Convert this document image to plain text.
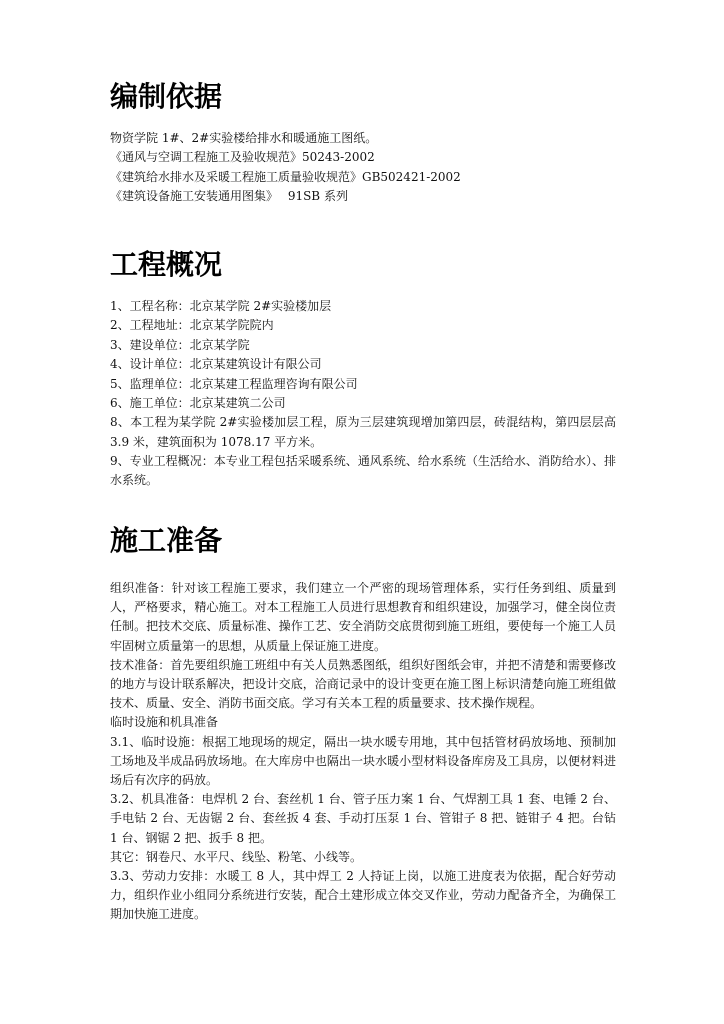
编制依据
物资学院 1#、2#实验楼给排水和暖通施工图纸。
《通风与空调工程施工及验收规范》50243-2002
《建筑给水排水及采暖工程施工质量验收规范》GB502421-2002
《建筑设备施工安装通用图集》　 91SB 系列
工程概况
1、工程名称：北京某学院 2#实验楼加层
2、工程地址：北京某学院院内
3、建设单位：北京某学院
4、设计单位：北京某建筑设计有限公司
5、监理单位：北京某建工程监理咨询有限公司
6、施工单位：北京某建筑二公司
8、本工程为某学院 2#实验楼加层工程，原为三层建筑现增加第四层，砖混结构，第四层层高 3.9 米，建筑面积为 1078.17 平方米。
9、专业工程概况：本专业工程包括采暖系统、通风系统、给水系统（生活给水、消防给水）、排水系统。
施工准备
组织准备：针对该工程施工要求，我们建立一个严密的现场管理体系，实行任务到组、质量到人，严格要求，精心施工。对本工程施工人员进行思想教育和组织建设，加强学习，健全岗位责任制。把技术交底、质量标准、操作工艺、安全消防交底贯彻到施工班组，要使每一个施工人员牢固树立质量第一的思想，从质量上保证施工进度。
技术准备：首先要组织施工班组中有关人员熟悉图纸，组织好图纸会审，并把不清楚和需要修改的地方与设计联系解决，把设计交底，洽商记录中的设计变更在施工图上标识清楚向施工班组做技术、质量、安全、消防书面交底。学习有关本工程的质量要求、技术操作规程。
临时设施和机具准备
3.1、临时设施：根据工地现场的规定，隔出一块水暖专用地，其中包括管材码放场地、预制加工场地及半成品码放场地。在大库房中也隔出一块水暖小型材料设备库房及工具房，以便材料进场后有次序的码放。
3.2、机具准备：电焊机 2 台、套丝机 1 台、管子压力案 1 台、气焊割工具 1 套、电锤 2 台、手电钻 2 台、无齿锯 2 台、套丝扳 4 套、手动打压泵 1 台、管钳子 8 把、链钳子 4 把。台钻 1 台、钢锯 2 把、扳手 8 把。
其它：钢卷尺、水平尺、线坠、粉笔、小线等。
3.3、劳动力安排：水暖工 8 人，其中焊工 2 人持证上岗，以施工进度表为依据，配合好劳动力，组织作业小组同分系统进行安装，配合土建形成立体交叉作业，劳动力配备齐全，为确保工期加快施工进度。
